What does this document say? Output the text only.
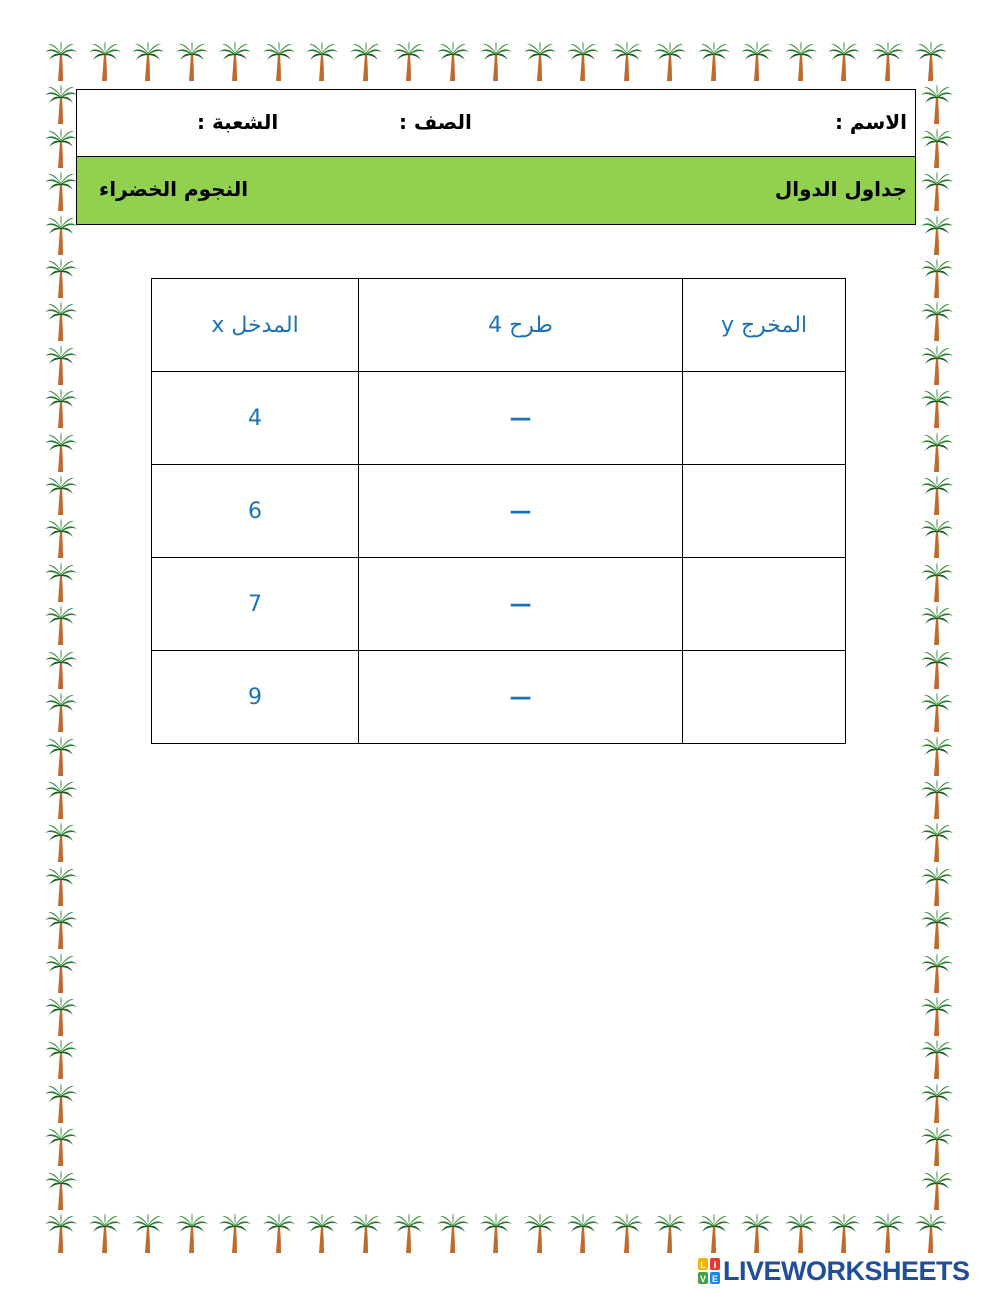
الاسم :
الصف :
الشعبة :
جداول الدوال
النجوم الخضراء
المدخل x	طرح 4	المخرج y
4	—	
6	—	
7	—	
9	—	
L I
V E LIVEWORKSHEETS
